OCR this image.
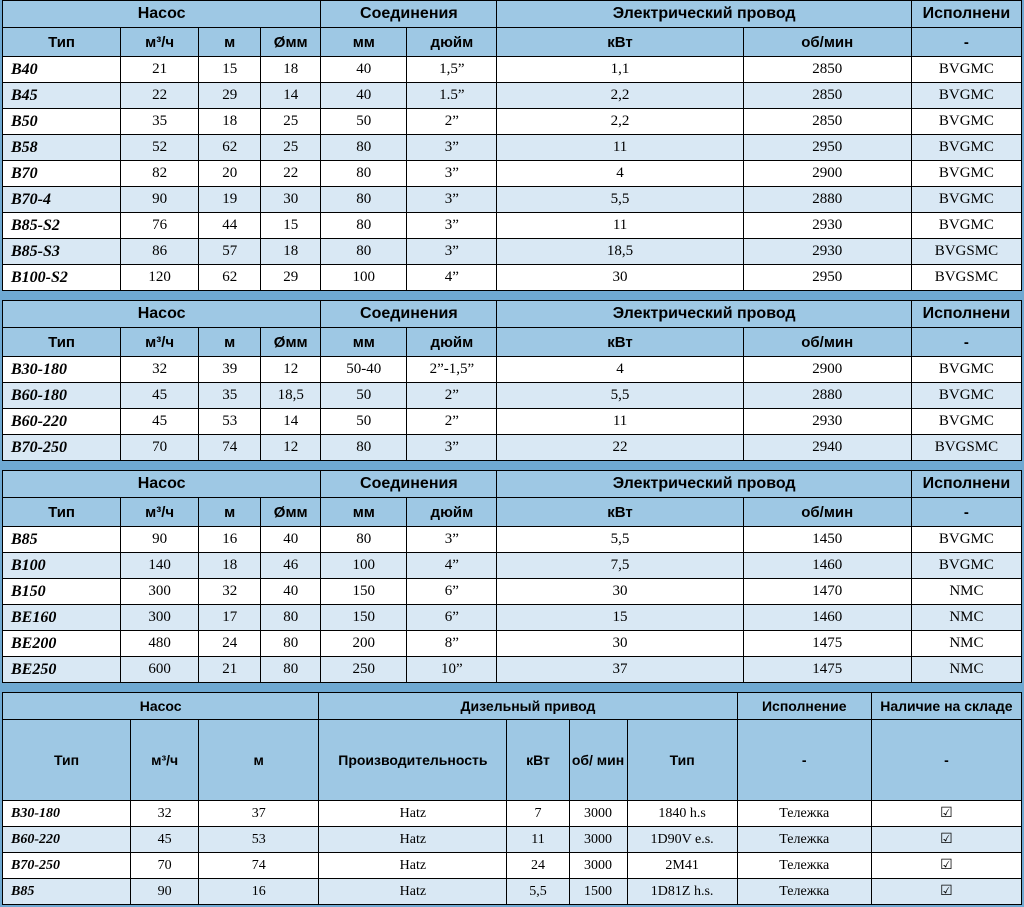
Насос				Соединения		Электрический провод		Исполнени
Тип	м³/ч	м	Øмм	мм	дюйм	кВт	об/мин	-
B40	21	15	18	40	1,5”	1,1	2850	BVGMC
B45	22	29	14	40	1.5”	2,2	2850	BVGMC
B50	35	18	25	50	2”	2,2	2850	BVGMC
B58	52	62	25	80	3”	11	2950	BVGMC
B70	82	20	22	80	3”	4	2900	BVGMC
B70-4	90	19	30	80	3”	5,5	2880	BVGMC
B85-S2	76	44	15	80	3”	11	2930	BVGMC
B85-S3	86	57	18	80	3”	18,5	2930	BVGSMC
B100-S2	120	62	29	100	4”	30	2950	BVGSMC
Насос				Соединения		Электрический провод		Исполнени
Тип	м³/ч	м	Øмм	мм	дюйм	кВт	об/мин	-
B30-180	32	39	12	50-40	2”-1,5”	4	2900	BVGMC
B60-180	45	35	18,5	50	2”	5,5	2880	BVGMC
B60-220	45	53	14	50	2”	11	2930	BVGMC
B70-250	70	74	12	80	3”	22	2940	BVGSMC
Насос				Соединения		Электрический провод		Исполнени
Тип	м³/ч	м	Øмм	мм	дюйм	кВт	об/мин	-
B85	90	16	40	80	3”	5,5	1450	BVGMC
B100	140	18	46	100	4”	7,5	1460	BVGMC
B150	300	32	40	150	6”	30	1470	NMC
BE160	300	17	80	150	6”	15	1460	NMC
BE200	480	24	80	200	8”	30	1475	NMC
BE250	600	21	80	250	10”	37	1475	NMC
Насос			Дизельный привод				Исполнение	Наличие на складе
Тип	м³/ч	м	Производительность	кВт	об/ мин	Тип	-	-
B30-180	32	37	Hatz	7	3000	1840 h.s	Тележка	☑
B60-220	45	53	Hatz	11	3000	1D90V e.s.	Тележка	☑
B70-250	70	74	Hatz	24	3000	2M41	Тележка	☑
B85	90	16	Hatz	5,5	1500	1D81Z h.s.	Тележка	☑
